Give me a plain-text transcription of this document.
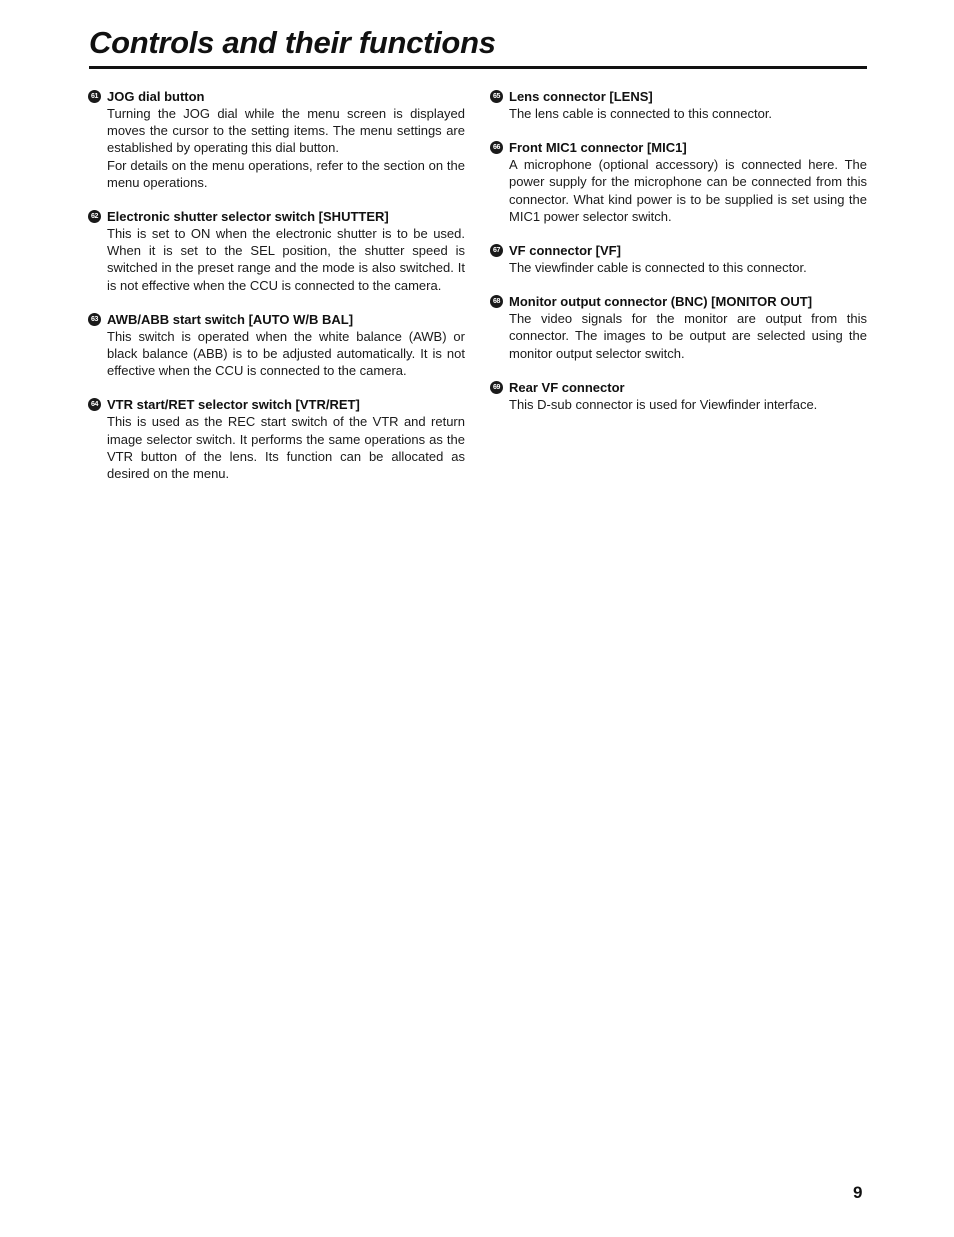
Controls and their functions
61 JOG dial button

Turning the JOG dial while the menu screen is displayed moves the cursor to the setting items. The menu settings are established by operating this dial button.

For details on the menu operations, refer to the section on the menu operations.

62 Electronic shutter selector switch [SHUTTER]

This is set to ON when the electronic shutter is to be used. When it is set to the SEL position, the shutter speed is switched in the preset range and the mode is also switched. It is not effective when the CCU is connected to the camera.

63 AWB/ABB start switch [AUTO W/B BAL]

This switch is operated when the white balance (AWB) or black balance (ABB) is to be adjusted automatically. It is not effective when the CCU is connected to the camera.

64 VTR start/RET selector switch [VTR/RET]

This is used as the REC start switch of the VTR and return image selector switch. It performs the same operations as the VTR button of the lens. Its function can be allocated as desired on the menu.

65 Lens connector [LENS]

The lens cable is connected to this connector.

66 Front MIC1 connector [MIC1]

A microphone (optional accessory) is connected here. The power supply for the microphone can be connected from this connector. What kind power is to be supplied is set using the MIC1 power selector switch.

67 VF connector [VF]

The viewfinder cable is connected to this connector.

68 Monitor output connector (BNC) [MONITOR OUT]

The video signals for the monitor are output from this connector. The images to be output are selected using the monitor output selector switch.

69 Rear VF connector

This D-sub connector is used for Viewfinder interface.

9
